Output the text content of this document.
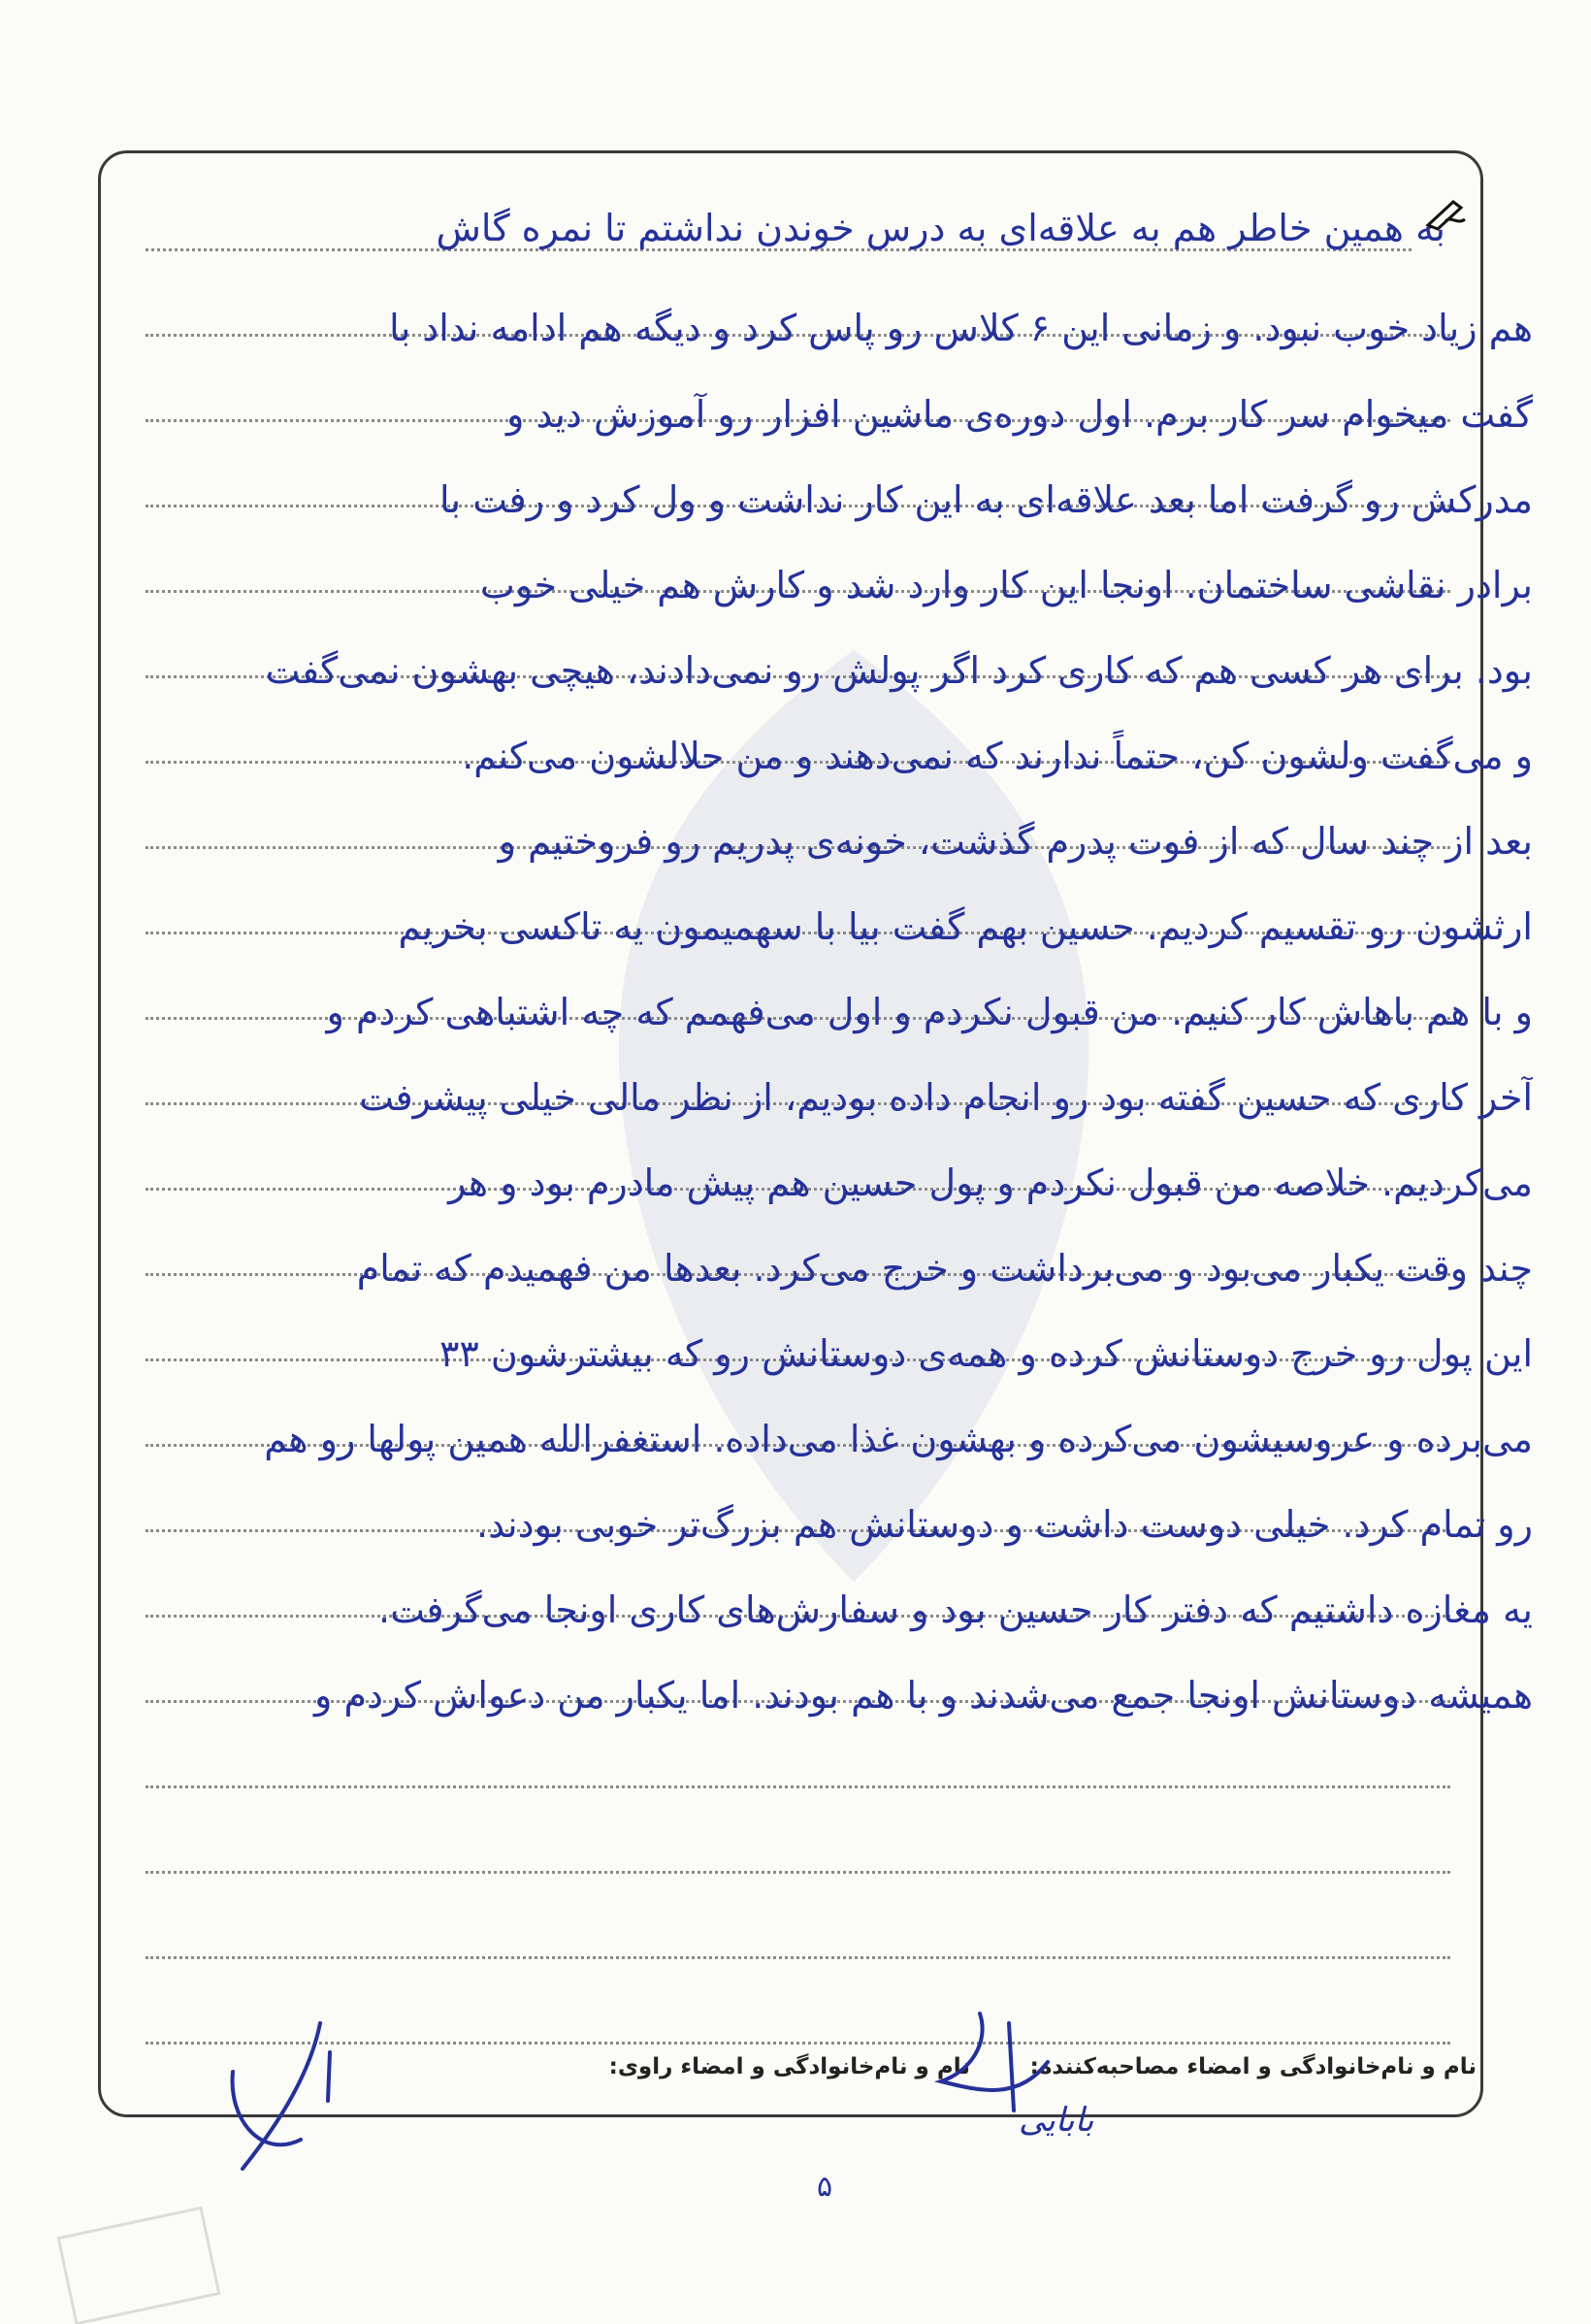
به همین خاطر هم به علاقه‌ای به درس خوندن نداشتم تا نمره گاش
هم زیاد خوب نبود. و زمانی این ۶ کلاس رو پاس کرد و دیگه هم ادامه نداد با
گفت میخوام سر کار برم. اول دوره‌ی ماشین افزار رو آموزش دید و
مدرکش رو گرفت اما بعد علاقه‌ای به این کار نداشت و ول کرد و رفت با
برادر نقاشی ساختمان. اونجا این کار وارد شد و کارش هم خیلی خوب
بود. برای هر کسی هم که کاری کرد اگر پولش رو نمی‌دادند، هیچی بهشون نمی‌گفت
و می‌گفت ولشون کن، حتماً ندارند که نمی‌دهند و من حلالشون می‌کنم.
بعد از چند سال که از فوت پدرم گذشت، خونه‌ی پدریم رو فروختیم و
ارثشون رو تقسیم کردیم. حسین بهم گفت بیا با سهمیمون یه تاکسی بخریم
و با هم باهاش کار کنیم. من قبول نکردم و اول می‌فهمم که چه اشتباهی کردم و
آخر کاری که حسین گفته بود رو انجام داده بودیم، از نظر مالی خیلی پیشرفت
می‌کردیم. خلاصه من قبول نکردم و پول حسین هم پیش مادرم بود و هر
چند وقت یکبار می‌بود و می‌برداشت و خرج می‌کرد. بعدها من فهمیدم که تمام
این پول رو خرج دوستانش کرده و همه‌ی دوستانش رو که بیشترشون ۳۳
می‌برده و عروسیشون می‌کرده و بهشون غذا می‌داده. استغفرالله همین پولها رو هم
رو تمام کرد. خیلی دوست داشت و دوستانش هم بزرگ‌تر خوبی بودند.
یه مغازه داشتیم که دفتر کار حسین بود و سفارش‌های کاری اونجا می‌گرفت.
همیشه دوستانش اونجا جمع می‌شدند و با هم بودند. اما یکبار من دعواش کردم و
نام و نام‌خانوادگی و امضاء مصاحبه‌کننده:
نام و نام‌خانوادگی و امضاء راوی:
بابایی
۵
